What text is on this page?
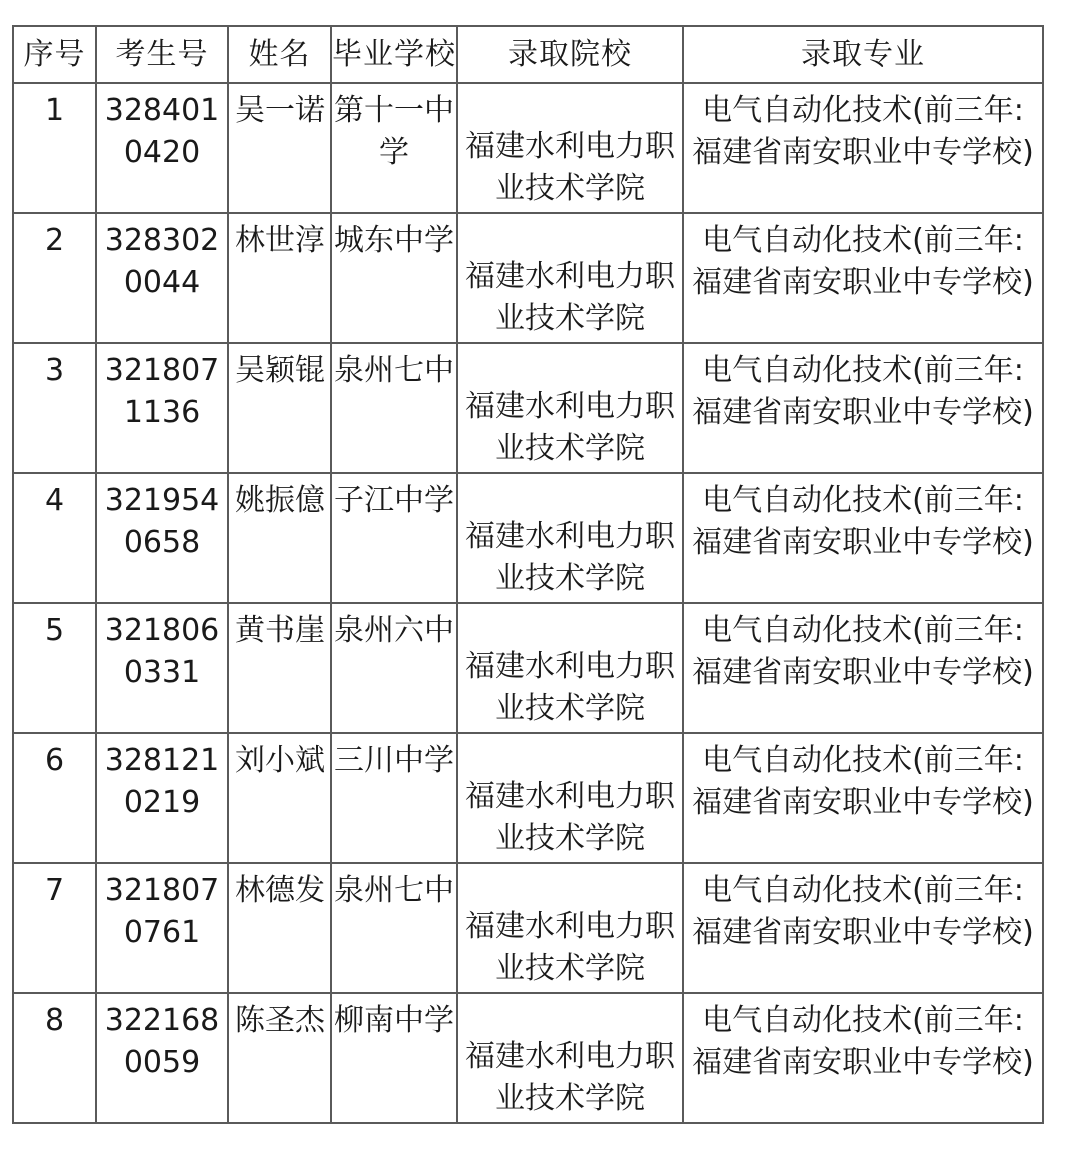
序号	考生号	姓名	毕业学校	录取院校	录取专业
1	3284010420	吴一诺	第十一中学	福建水利电力职业技术学院	电气自动化技术(前三年:福建省南安职业中专学校)
2	3283020044	林世淳	城东中学	福建水利电力职业技术学院	电气自动化技术(前三年:福建省南安职业中专学校)
3	3218071136	吴颖锟	泉州七中	福建水利电力职业技术学院	电气自动化技术(前三年:福建省南安职业中专学校)
4	3219540658	姚振億	子江中学	福建水利电力职业技术学院	电气自动化技术(前三年:福建省南安职业中专学校)
5	3218060331	黄书崖	泉州六中	福建水利电力职业技术学院	电气自动化技术(前三年:福建省南安职业中专学校)
6	3281210219	刘小斌	三川中学	福建水利电力职业技术学院	电气自动化技术(前三年:福建省南安职业中专学校)
7	3218070761	林德发	泉州七中	福建水利电力职业技术学院	电气自动化技术(前三年:福建省南安职业中专学校)
8	3221680059	陈圣杰	柳南中学	福建水利电力职业技术学院	电气自动化技术(前三年:福建省南安职业中专学校)
